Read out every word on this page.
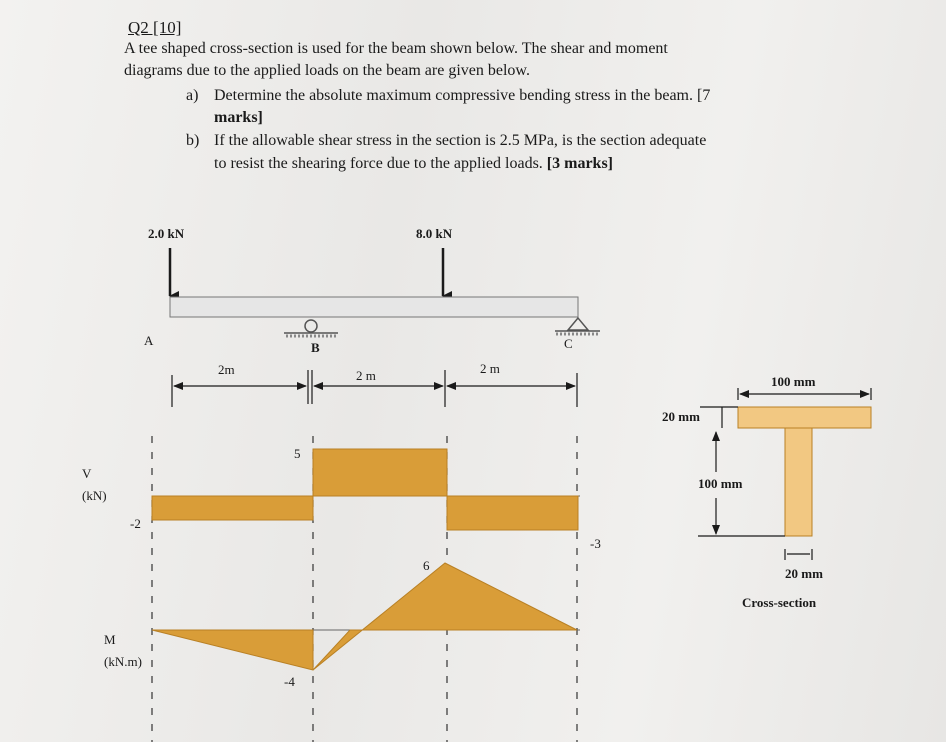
Q2 [10]
A tee shaped cross-section is used for the beam shown below. The shear and moment
diagrams due to the applied loads on the beam are given below.
a) Determine the absolute maximum compressive bending stress in the beam. [7
marks]
b) If the allowable shear stress in the section is 2.5 MPa, is the section adequate
to resist the shearing force due to the applied loads. [3 marks]
2.0 kN	8.0 kN
A	B	C
2m	2 m	2 m
V
(kN)
-2
5
-3
M
(kN.m)
-4
6
100 mm
20 mm
100 mm
20 mm
Cross-section
